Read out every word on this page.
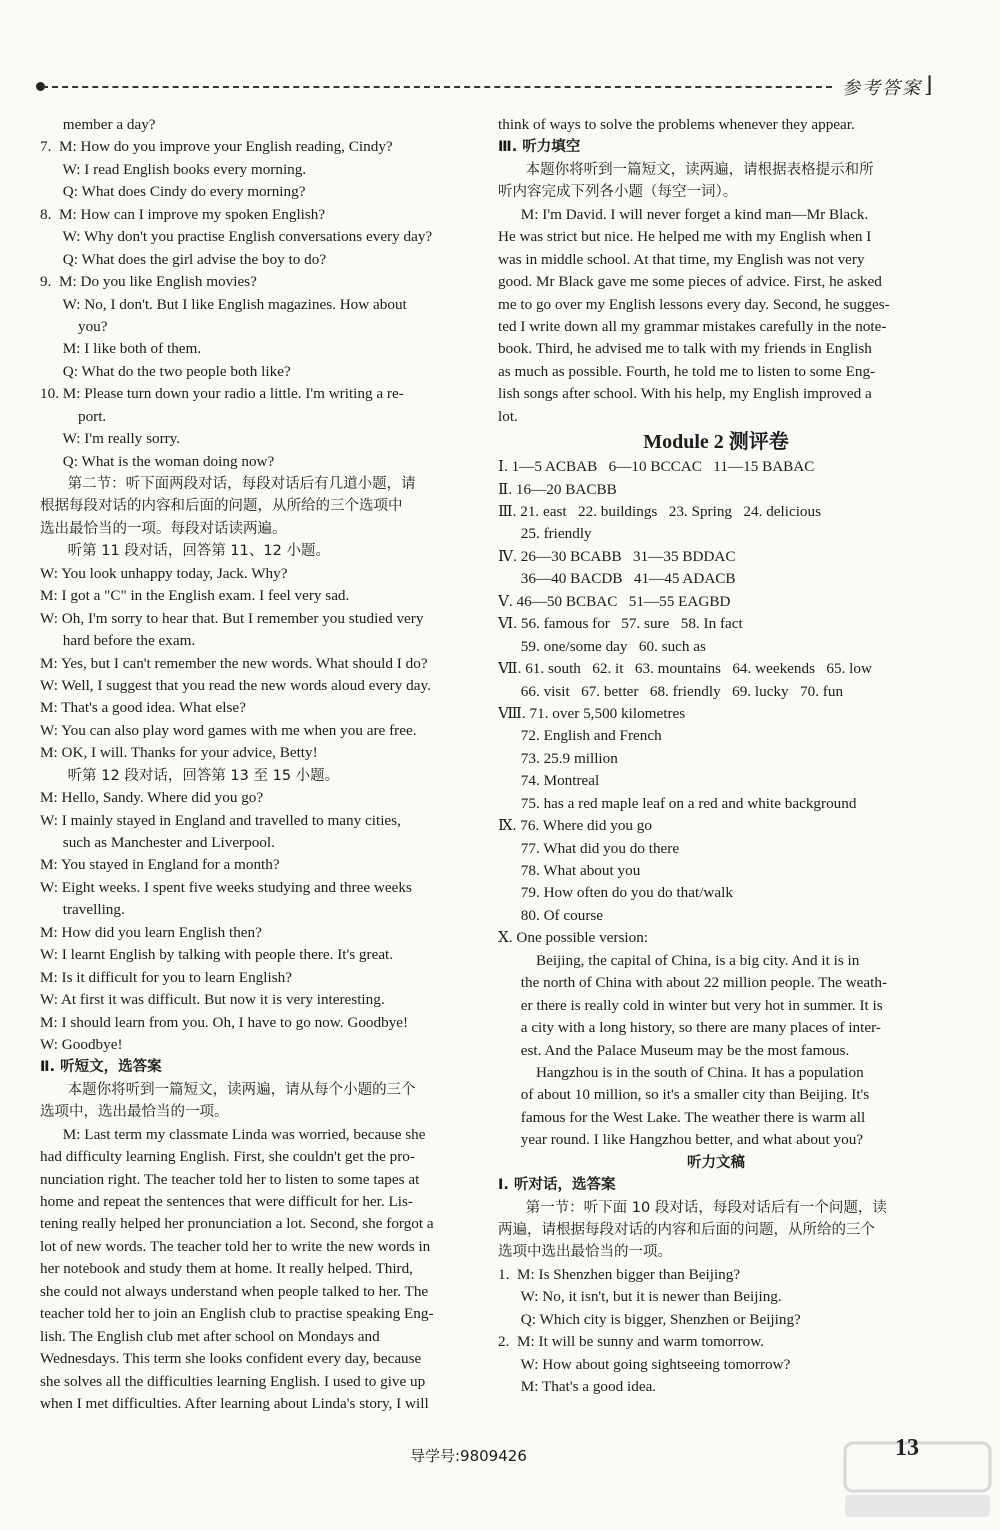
参考答案 ⌋
member a day?
7.  M: How do you improve your English reading, Cindy?
W: I read English books every morning.
Q: What does Cindy do every morning?
8.  M: How can I improve my spoken English?
W: Why don't you practise English conversations every day?
Q: What does the girl advise the boy to do?
9.  M: Do you like English movies?
W: No, I don't. But I like English magazines. How about
you?
M: I like both of them.
Q: What do the two people both like?
10. M: Please turn down your radio a little. I'm writing a re-
port.
W: I'm really sorry.
Q: What is the woman doing now?
第二节：听下面两段对话，每段对话后有几道小题，请
根据每段对话的内容和后面的问题，从所给的三个选项中
选出最恰当的一项。每段对话读两遍。
听第 11 段对话，回答第 11、12 小题。
W: You look unhappy today, Jack. Why?
M: I got a "C" in the English exam. I feel very sad.
W: Oh, I'm sorry to hear that. But I remember you studied very
hard before the exam.
M: Yes, but I can't remember the new words. What should I do?
W: Well, I suggest that you read the new words aloud every day.
M: That's a good idea. What else?
W: You can also play word games with me when you are free.
M: OK, I will. Thanks for your advice, Betty!
听第 12 段对话，回答第 13 至 15 小题。
M: Hello, Sandy. Where did you go?
W: I mainly stayed in England and travelled to many cities,
such as Manchester and Liverpool.
M: You stayed in England for a month?
W: Eight weeks. I spent five weeks studying and three weeks
travelling.
M: How did you learn English then?
W: I learnt English by talking with people there. It's great.
M: Is it difficult for you to learn English?
W: At first it was difficult. But now it is very interesting.
M: I should learn from you. Oh, I have to go now. Goodbye!
W: Goodbye!
Ⅱ. 听短文，选答案
本题你将听到一篇短文，读两遍，请从每个小题的三个
选项中，选出最恰当的一项。
M: Last term my classmate Linda was worried, because she
had difficulty learning English. First, she couldn't get the pro-
nunciation right. The teacher told her to listen to some tapes at
home and repeat the sentences that were difficult for her. Lis-
tening really helped her pronunciation a lot. Second, she forgot a
lot of new words. The teacher told her to write the new words in
her notebook and study them at home. It really helped. Third,
she could not always understand when people talked to her. The
teacher told her to join an English club to practise speaking Eng-
lish. The English club met after school on Mondays and
Wednesdays. This term she looks confident every day, because
she solves all the difficulties learning English. I used to give up
when I met difficulties. After learning about Linda's story, I will
think of ways to solve the problems whenever they appear.
Ⅲ. 听力填空
本题你将听到一篇短文，读两遍，请根据表格提示和所
听内容完成下列各小题（每空一词）。
M: I'm David. I will never forget a kind man—Mr Black.
He was strict but nice. He helped me with my English when I
was in middle school. At that time, my English was not very
good. Mr Black gave me some pieces of advice. First, he asked
me to go over my English lessons every day. Second, he sugges-
ted I write down all my grammar mistakes carefully in the note-
book. Third, he advised me to talk with my friends in English
as much as possible. Fourth, he told me to listen to some Eng-
lish songs after school. With his help, my English improved a
lot.
Module 2 测评卷
Ⅰ. 1—5 ACBAB   6—10 BCCAC   11—15 BABAC
Ⅱ. 16—20 BACBB
Ⅲ. 21. east   22. buildings   23. Spring   24. delicious
25. friendly
Ⅳ. 26—30 BCABB   31—35 BDDAC
36—40 BACDB   41—45 ADACB
Ⅴ. 46—50 BCBAC   51—55 EAGBD
Ⅵ. 56. famous for   57. sure   58. In fact
59. one/some day   60. such as
Ⅶ. 61. south   62. it   63. mountains   64. weekends   65. low
66. visit   67. better   68. friendly   69. lucky   70. fun
Ⅷ. 71. over 5,500 kilometres
72. English and French
73. 25.9 million
74. Montreal
75. has a red maple leaf on a red and white background
Ⅸ. 76. Where did you go
77. What did you do there
78. What about you
79. How often do you do that/walk
80. Of course
Ⅹ. One possible version:
Beijing, the capital of China, is a big city. And it is in
the north of China with about 22 million people. The weath-
er there is really cold in winter but very hot in summer. It is
a city with a long history, so there are many places of inter-
est. And the Palace Museum may be the most famous.
Hangzhou is in the south of China. It has a population
of about 10 million, so it's a smaller city than Beijing. It's
famous for the West Lake. The weather there is warm all
year round. I like Hangzhou better, and what about you?
听力文稿
Ⅰ. 听对话，选答案
第一节：听下面 10 段对话，每段对话后有一个问题，读
两遍，请根据每段对话的内容和后面的问题，从所给的三个
选项中选出最恰当的一项。
1.  M: Is Shenzhen bigger than Beijing?
W: No, it isn't, but it is newer than Beijing.
Q: Which city is bigger, Shenzhen or Beijing?
2.  M: It will be sunny and warm tomorrow.
W: How about going sightseeing tomorrow?
M: That's a good idea.
导学号:9809426	13
